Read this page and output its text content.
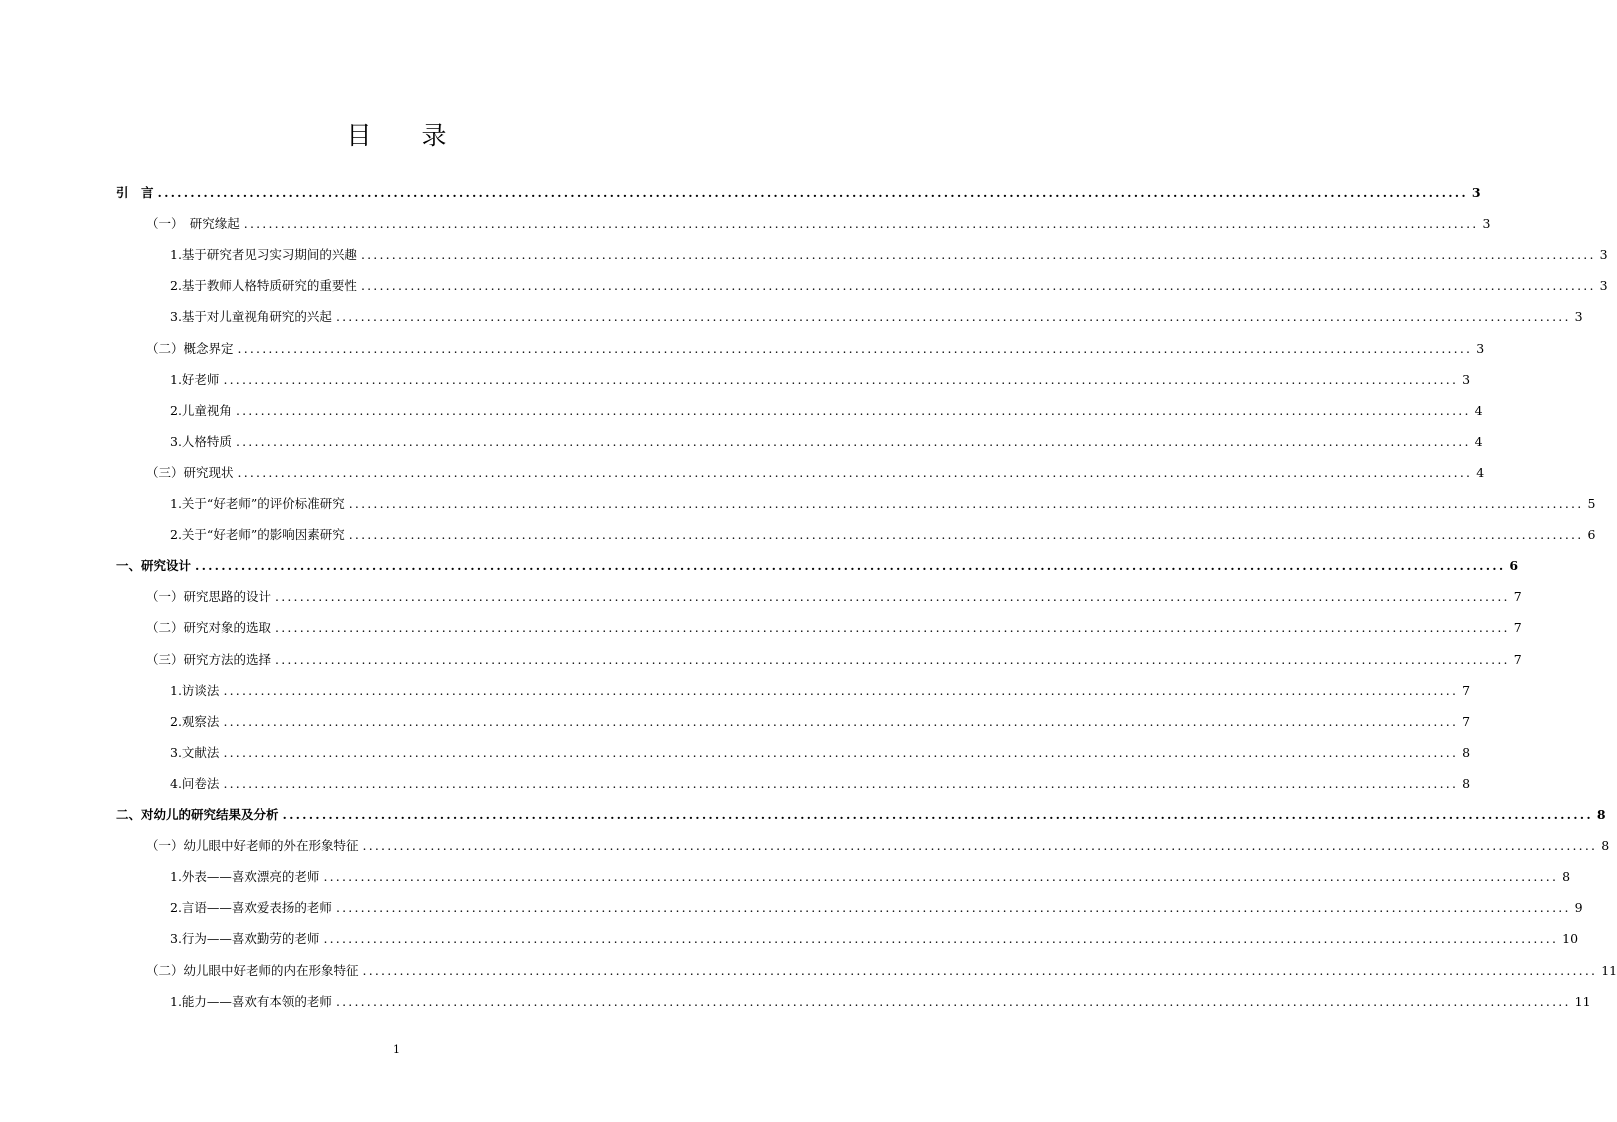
目　　录
引　言 ........................................................................................................................................................................................................ 3
（一）　研究缘起 ........................................................................................................................................................................................................ 3
1.基于研究者见习实习期间的兴趣 ........................................................................................................................................................................................................ 3
2.基于教师人格特质研究的重要性 ........................................................................................................................................................................................................ 3
3.基于对儿童视角研究的兴起 ........................................................................................................................................................................................................ 3
（二）概念界定 ........................................................................................................................................................................................................ 3
1.好老师 ........................................................................................................................................................................................................ 3
2.儿童视角 ........................................................................................................................................................................................................ 4
3.人格特质 ........................................................................................................................................................................................................ 4
（三）研究现状 ........................................................................................................................................................................................................ 4
1.关于“好老师”的评价标准研究 ........................................................................................................................................................................................................ 5
2.关于“好老师”的影响因素研究 ........................................................................................................................................................................................................ 6
一、研究设计 ........................................................................................................................................................................................................ 6
（一）研究思路的设计 ........................................................................................................................................................................................................ 7
（二）研究对象的选取 ........................................................................................................................................................................................................ 7
（三）研究方法的选择 ........................................................................................................................................................................................................ 7
1.访谈法 ........................................................................................................................................................................................................ 7
2.观察法 ........................................................................................................................................................................................................ 7
3.文献法 ........................................................................................................................................................................................................ 8
4.问卷法 ........................................................................................................................................................................................................ 8
二、对幼儿的研究结果及分析 ........................................................................................................................................................................................................ 8
（一）幼儿眼中好老师的外在形象特征 ........................................................................................................................................................................................................ 8
1.外表——喜欢漂亮的老师 ........................................................................................................................................................................................................ 8
2.言语——喜欢爱表扬的老师 ........................................................................................................................................................................................................ 9
3.行为——喜欢勤劳的老师 ........................................................................................................................................................................................................ 10
（二）幼儿眼中好老师的内在形象特征 ........................................................................................................................................................................................................ 11
1.能力——喜欢有本领的老师 ........................................................................................................................................................................................................ 11
1
